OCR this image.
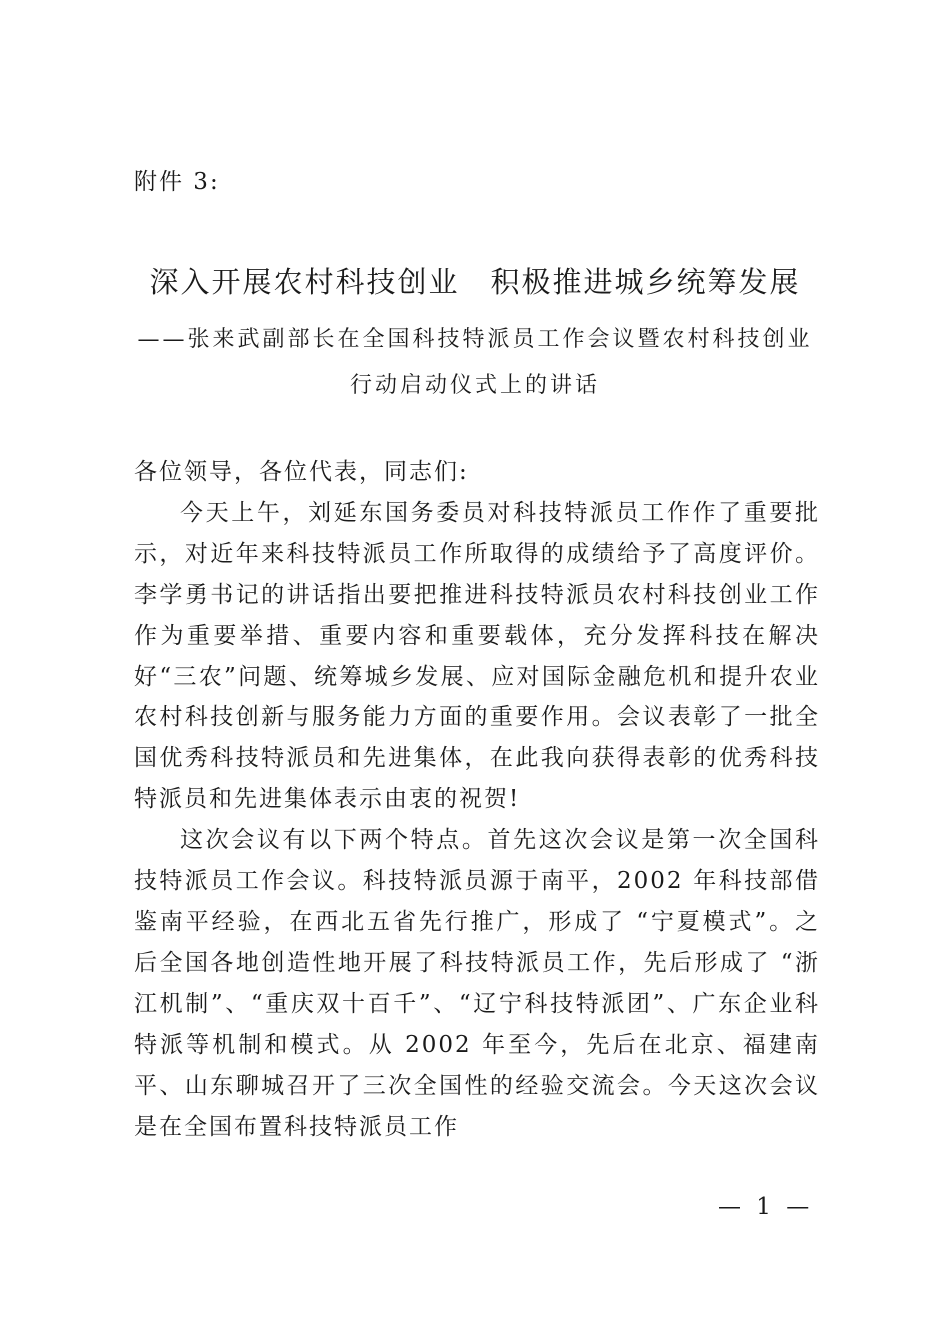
附件 3:
深入开展农村科技创业　积极推进城乡统筹发展
——张来武副部长在全国科技特派员工作会议暨农村科技创业
行动启动仪式上的讲话

各位领导，各位代表，同志们:

今天上午，刘延东国务委员对科技特派员工作作了重要批示，对近年来科技特派员工作所取得的成绩给予了高度评价。李学勇书记的讲话指出要把推进科技特派员农村科技创业工作作为重要举措、重要内容和重要载体，充分发挥科技在解决好“三农”问题、统筹城乡发展、应对国际金融危机和提升农业农村科技创新与服务能力方面的重要作用。会议表彰了一批全国优秀科技特派员和先进集体，在此我向获得表彰的优秀科技特派员和先进集体表示由衷的祝贺!

这次会议有以下两个特点。首先这次会议是第一次全国科技特派员工作会议。科技特派员源于南平，2002 年科技部借鉴南平经验，在西北五省先行推广，形成了 “宁夏模式”。之后全国各地创造性地开展了科技特派员工作，先后形成了 “浙江机制”、“重庆双十百千”、“辽宁科技特派团”、广东企业科特派等机制和模式。从 2002 年至今，先后在北京、福建南平、山东聊城召开了三次全国性的经验交流会。今天这次会议是在全国布置科技特派员工作

— 1 —
